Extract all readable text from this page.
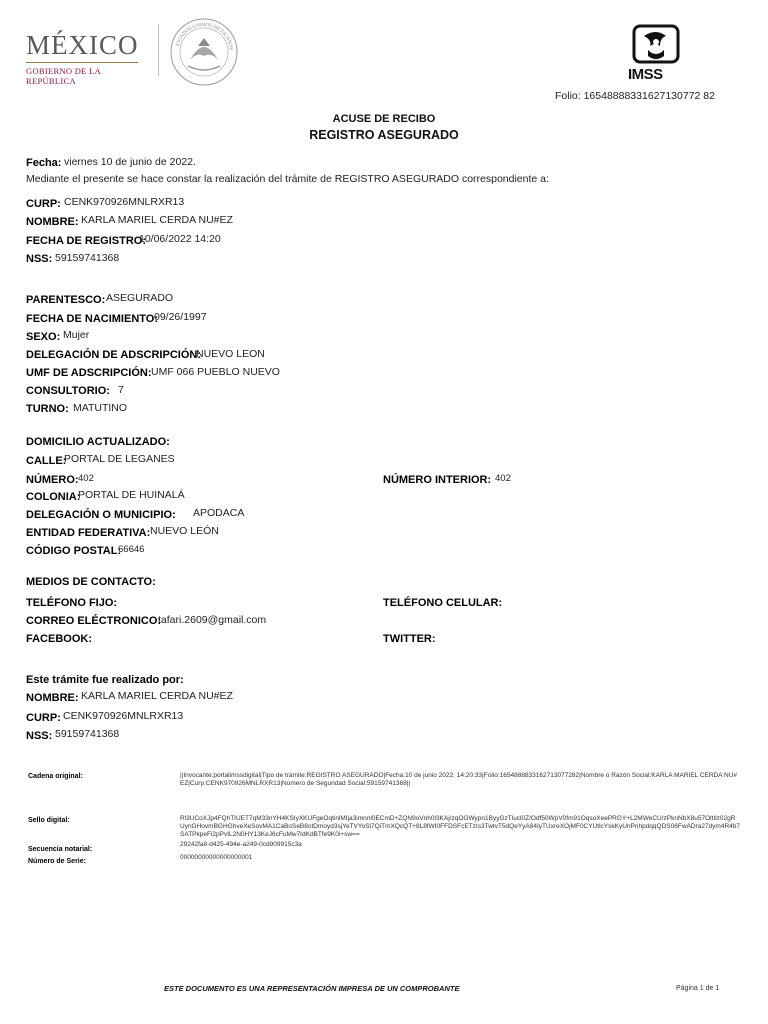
MÉXICO
GOBIERNO DE LA REPÚBLICA
ESTADOS UNIDOS MEXICANOS
IMSS
Folio: 16548888331627130772 82
ACUSE DE RECIBO
REGISTRO ASEGURADO
Fecha: viernes 10 de junio de 2022.
Mediante el presente se hace constar la realización del trámite de REGISTRO ASEGURADO correspondiente a:
CURP: CENK970926MNLRXR13
NOMBRE: KARLA MARIEL CERDA NU#EZ
FECHA DE REGISTRO:
10/06/2022 14:20
NSS: 59159741368
PARENTESCO: ASEGURADO
FECHA DE NACIMIENTO:
09/26/1997
SEXO: Mujer
DELEGACIÓN DE ADSCRIPCIÓN:
NUEVO LEON
UMF DE ADSCRIPCIÓN: UMF 066 PUEBLO NUEVO
CONSULTORIO: 7
TURNO: MATUTINO
DOMICILIO ACTUALIZADO:
CALLE:
PORTAL DE LEGANES
NÚMERO: 402	NÚMERO INTERIOR: 402
COLONIA:
PORTAL DE HUINALÁ
DELEGACIÓN O MUNICIPIO: APODACA
ENTIDAD FEDERATIVA: NUEVO LEÓN
CÓDIGO POSTAL:
66646
MEDIOS DE CONTACTO:
TELÉFONO FIJO:	TELÉFONO CELULAR:
CORREO ELÉCTRONICO:
tafari.2609@gmail.com
FACEBOOK:	TWITTER:
Este trámite fue realizado por:
NOMBRE: KARLA MARIEL CERDA NU#EZ
CURP: CENK970926MNLRXR13
NSS: 59159741368
Cadena original:	||Invocante:portalimssdigital|Tipo de trámite:REGISTRO ASEGURADO|Fecha:10 de junio 2022, 14:20:33|Folio:1654888833162713077282|Nombre o Razón Social:KARLA MARIEL CERDA NU#EZ|Curp:CENK970926MNLRXR13|Número de Seguridad Social:59159741368||
Sello digital:	Rl3UCoXJp4FQhTIUET7qM33nYH4KSIyXKUFgeOqtinlMIja3imnnl0ECmD+ZQN9oVnh0l3KAj/zqOGWypn1ByyGzTlucl0Z/Odf50WpV0fm91OqsoXeePRGY+L2MWeCU/zPknNbX8u57OltIlz02gRUynGHovmBGHGhveXeSovMA1CaBoSeB8otDmoyd3sjYeTVYoSl7QiTmXQcQT+8L8fWI0FFDSFcETzIs3TwtvT5dQeYyA84IyTUxreXOjMF0CYUtlcYskKyUnPrihpdqqQDS06FwADra27dym4R4b7SATPkpeFi2pPvIL2N0HY13KeJ6cFuMw7IdKdBTfe9K0i+sw==
Secuencia notarial:
29242fa8-d425-494e-a249-0cd909915c3a
Número de Serie:
00000000000000000001
ESTE DOCUMENTO ES UNA REPRESENTACIÓN IMPRESA DE UN COMPROBANTE	Página 1 de 1
